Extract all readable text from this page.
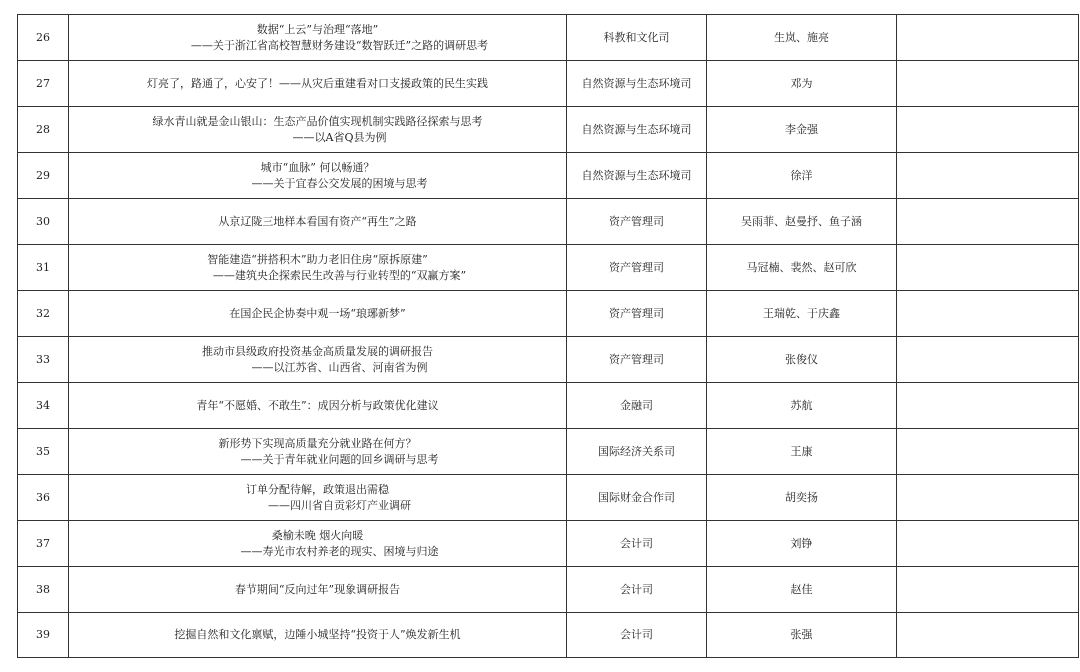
26	数据“上云”与治理“落地”
——关于浙江省高校智慧财务建设“数智跃迁”之路的调研思考	科教和文化司	生岚、施亮	
27	灯亮了，路通了，心安了！——从灾后重建看对口支援政策的民生实践	自然资源与生态环境司	邓为	
28	绿水青山就是金山银山：生态产品价值实现机制实践路径探索与思考
——以A省Q县为例	自然资源与生态环境司	李金强	
29	城市“血脉” 何以畅通？
——关于宜春公交发展的困境与思考	自然资源与生态环境司	徐洋	
30	从京辽陇三地样本看国有资产“再生”之路	资产管理司	吴雨菲、赵曼抒、鱼子涵	
31	智能建造“拼搭积木”助力老旧住房“原拆原建”
——建筑央企探索民生改善与行业转型的“双赢方案”	资产管理司	马冠楠、裴然、赵可欣	
32	在国企民企协奏中观一场“琅琊新梦”	资产管理司	王瑞乾、于庆鑫	
33	推动市县级政府投资基金高质量发展的调研报告
——以江苏省、山西省、河南省为例	资产管理司	张俊仪	
34	青年“不愿婚、不敢生”：成因分析与政策优化建议	金融司	苏航	
35	新形势下实现高质量充分就业路在何方？
——关于青年就业问题的回乡调研与思考	国际经济关系司	王康	
36	订单分配待解，政策退出需稳
——四川省自贡彩灯产业调研	国际财金合作司	胡奕扬	
37	桑榆未晚 烟火向暖
——寿光市农村养老的现实、困境与归途	会计司	刘铮	
38	春节期间“反向过年”现象调研报告	会计司	赵佳	
39	挖掘自然和文化禀赋，边陲小城坚持“投资于人”焕发新生机	会计司	张强	
